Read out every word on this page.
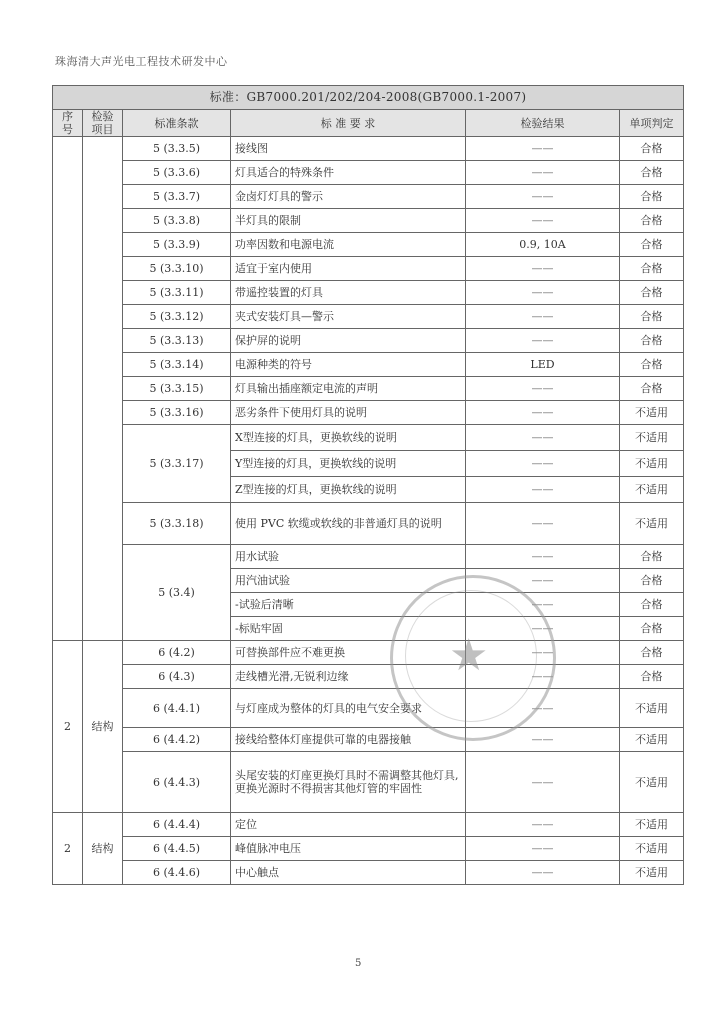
珠海清大声光电工程技术研发中心
标准：GB7000.201/202/204-2008(GB7000.1-2007)					
序号	检验项目	标准条款	标 准 要 求	检验结果	单项判定
		5 (3.3.5)	接线图	——	合格
		5 (3.3.6)	灯具适合的特殊条件	——	合格
		5 (3.3.7)	金卤灯灯具的警示	——	合格
		5 (3.3.8)	半灯具的限制	——	合格
		5 (3.3.9)	功率因数和电源电流	0.9, 10A	合格
		5 (3.3.10)	适宜于室内使用	——	合格
		5 (3.3.11)	带遥控装置的灯具	——	合格
		5 (3.3.12)	夹式安装灯具—警示	——	合格
		5 (3.3.13)	保护屏的说明	——	合格
		5 (3.3.14)	电源种类的符号	LED	合格
		5 (3.3.15)	灯具输出插座额定电流的声明	——	合格
		5 (3.3.16)	恶劣条件下使用灯具的说明	——	不适用
		5 (3.3.17)	X型连接的灯具，更换软线的说明	——	不适用
			Y型连接的灯具，更换软线的说明	——	不适用
			Z型连接的灯具，更换软线的说明	——	不适用
		5 (3.3.18)	使用 PVC 软缆或软线的非普通灯具的说明	——	不适用
		5 (3.4)	用水试验	——	合格
			用汽油试验	——	合格
			-试验后清晰	——	合格
			-标贴牢固	——	合格
2	结构	6 (4.2)	可替换部件应不难更换	——	合格
		6 (4.3)	走线槽光滑,无锐利边缘	——	合格
		6 (4.4.1)	与灯座成为整体的灯具的电气安全要求	——	不适用
		6 (4.4.2)	接线给整体灯座提供可靠的电器接触	——	不适用
		6 (4.4.3)	头尾安装的灯座更换灯具时不需调整其他灯具,更换光源时不得损害其他灯管的牢固性	——	不适用
2	结构	6 (4.4.4)	定位	——	不适用
		6 (4.4.5)	峰值脉冲电压	——	不适用
		6 (4.4.6)	中心触点	——	不适用
★
5
